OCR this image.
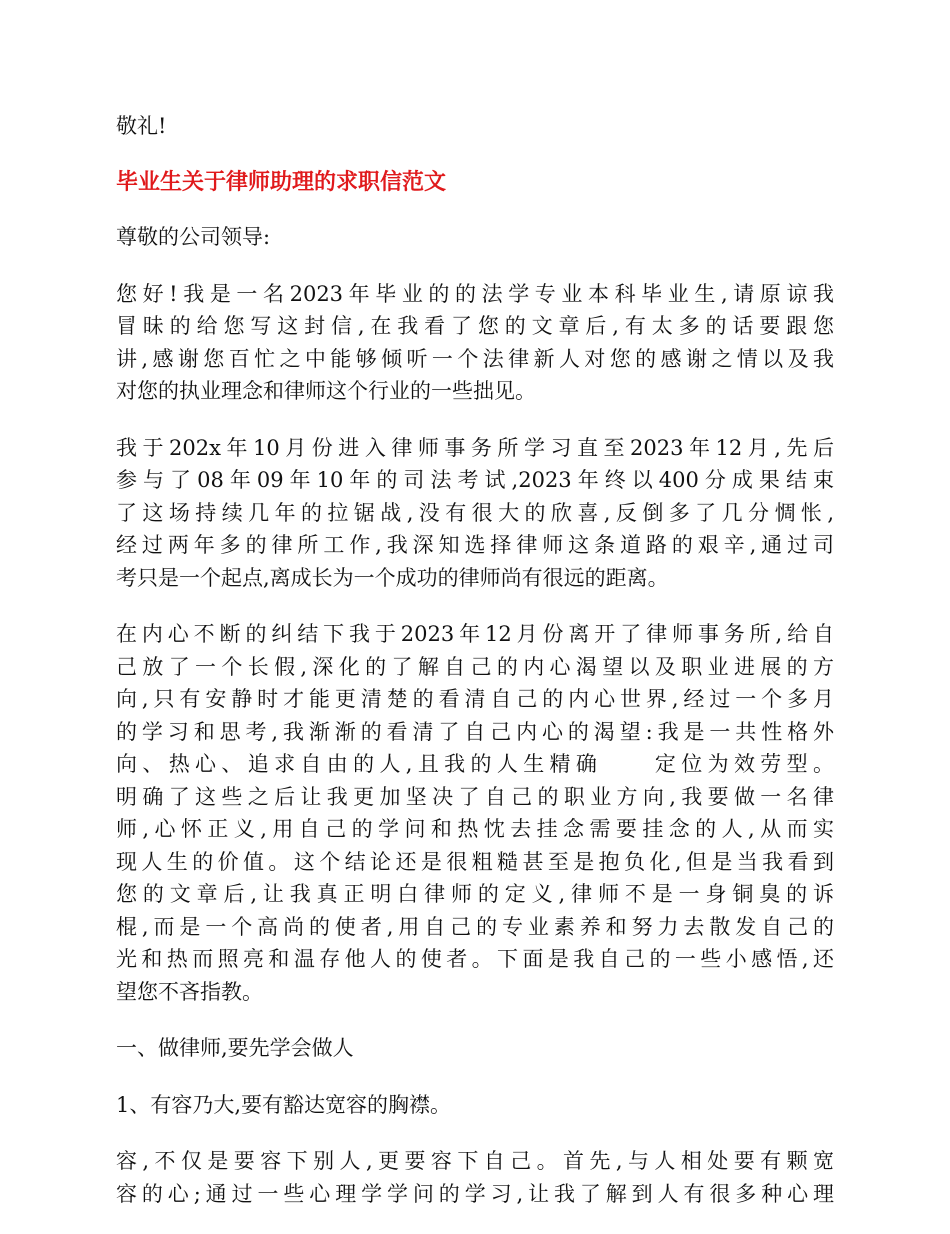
敬礼!

毕业生关于律师助理的求职信范文

尊敬的公司领导:

您好!我是一名2023年毕业的的法学专业本科毕业生,请原谅我
冒昧的给您写这封信,在我看了您的文章后,有太多的话要跟您
讲,感谢您百忙之中能够倾听一个法律新人对您的感谢之情以及我
对您的执业理念和律师这个行业的一些拙见。

我于202x年10月份进入律师事务所学习直至2023年12月,先后
参与了08年09年10年的司法考试,2023年终以400分成果结束
了这场持续几年的拉锯战,没有很大的欣喜,反倒多了几分惆怅,
经过两年多的律所工作,我深知选择律师这条道路的艰辛,通过司
考只是一个起点,离成长为一个成功的律师尚有很远的距离。

在内心不断的纠结下我于2023年12月份离开了律师事务所,给自
己放了一个长假,深化的了解自己的内心渴望以及职业进展的方
向,只有安静时才能更清楚的看清自己的内心世界,经过一个多月
的学习和思考,我渐渐的看清了自己内心的渴望:我是一共性格外
向、热心、追求自由的人,且我的人生精确　　定位为效劳型。
明确了这些之后让我更加坚决了自己的职业方向,我要做一名律
师,心怀正义,用自己的学问和热忱去挂念需要挂念的人,从而实
现人生的价值。这个结论还是很粗糙甚至是抱负化,但是当我看到
您的文章后,让我真正明白律师的定义,律师不是一身铜臭的诉
棍,而是一个高尚的使者,用自己的专业素养和努力去散发自己的
光和热而照亮和温存他人的使者。下面是我自己的一些小感悟,还
望您不吝指教。

一、做律师,要先学会做人

1、有容乃大,要有豁达宽容的胸襟。

容,不仅是要容下别人,更要容下自己。首先,与人相处要有颗宽
容的心;通过一些心理学学问的学习,让我了解到人有很多种心理
